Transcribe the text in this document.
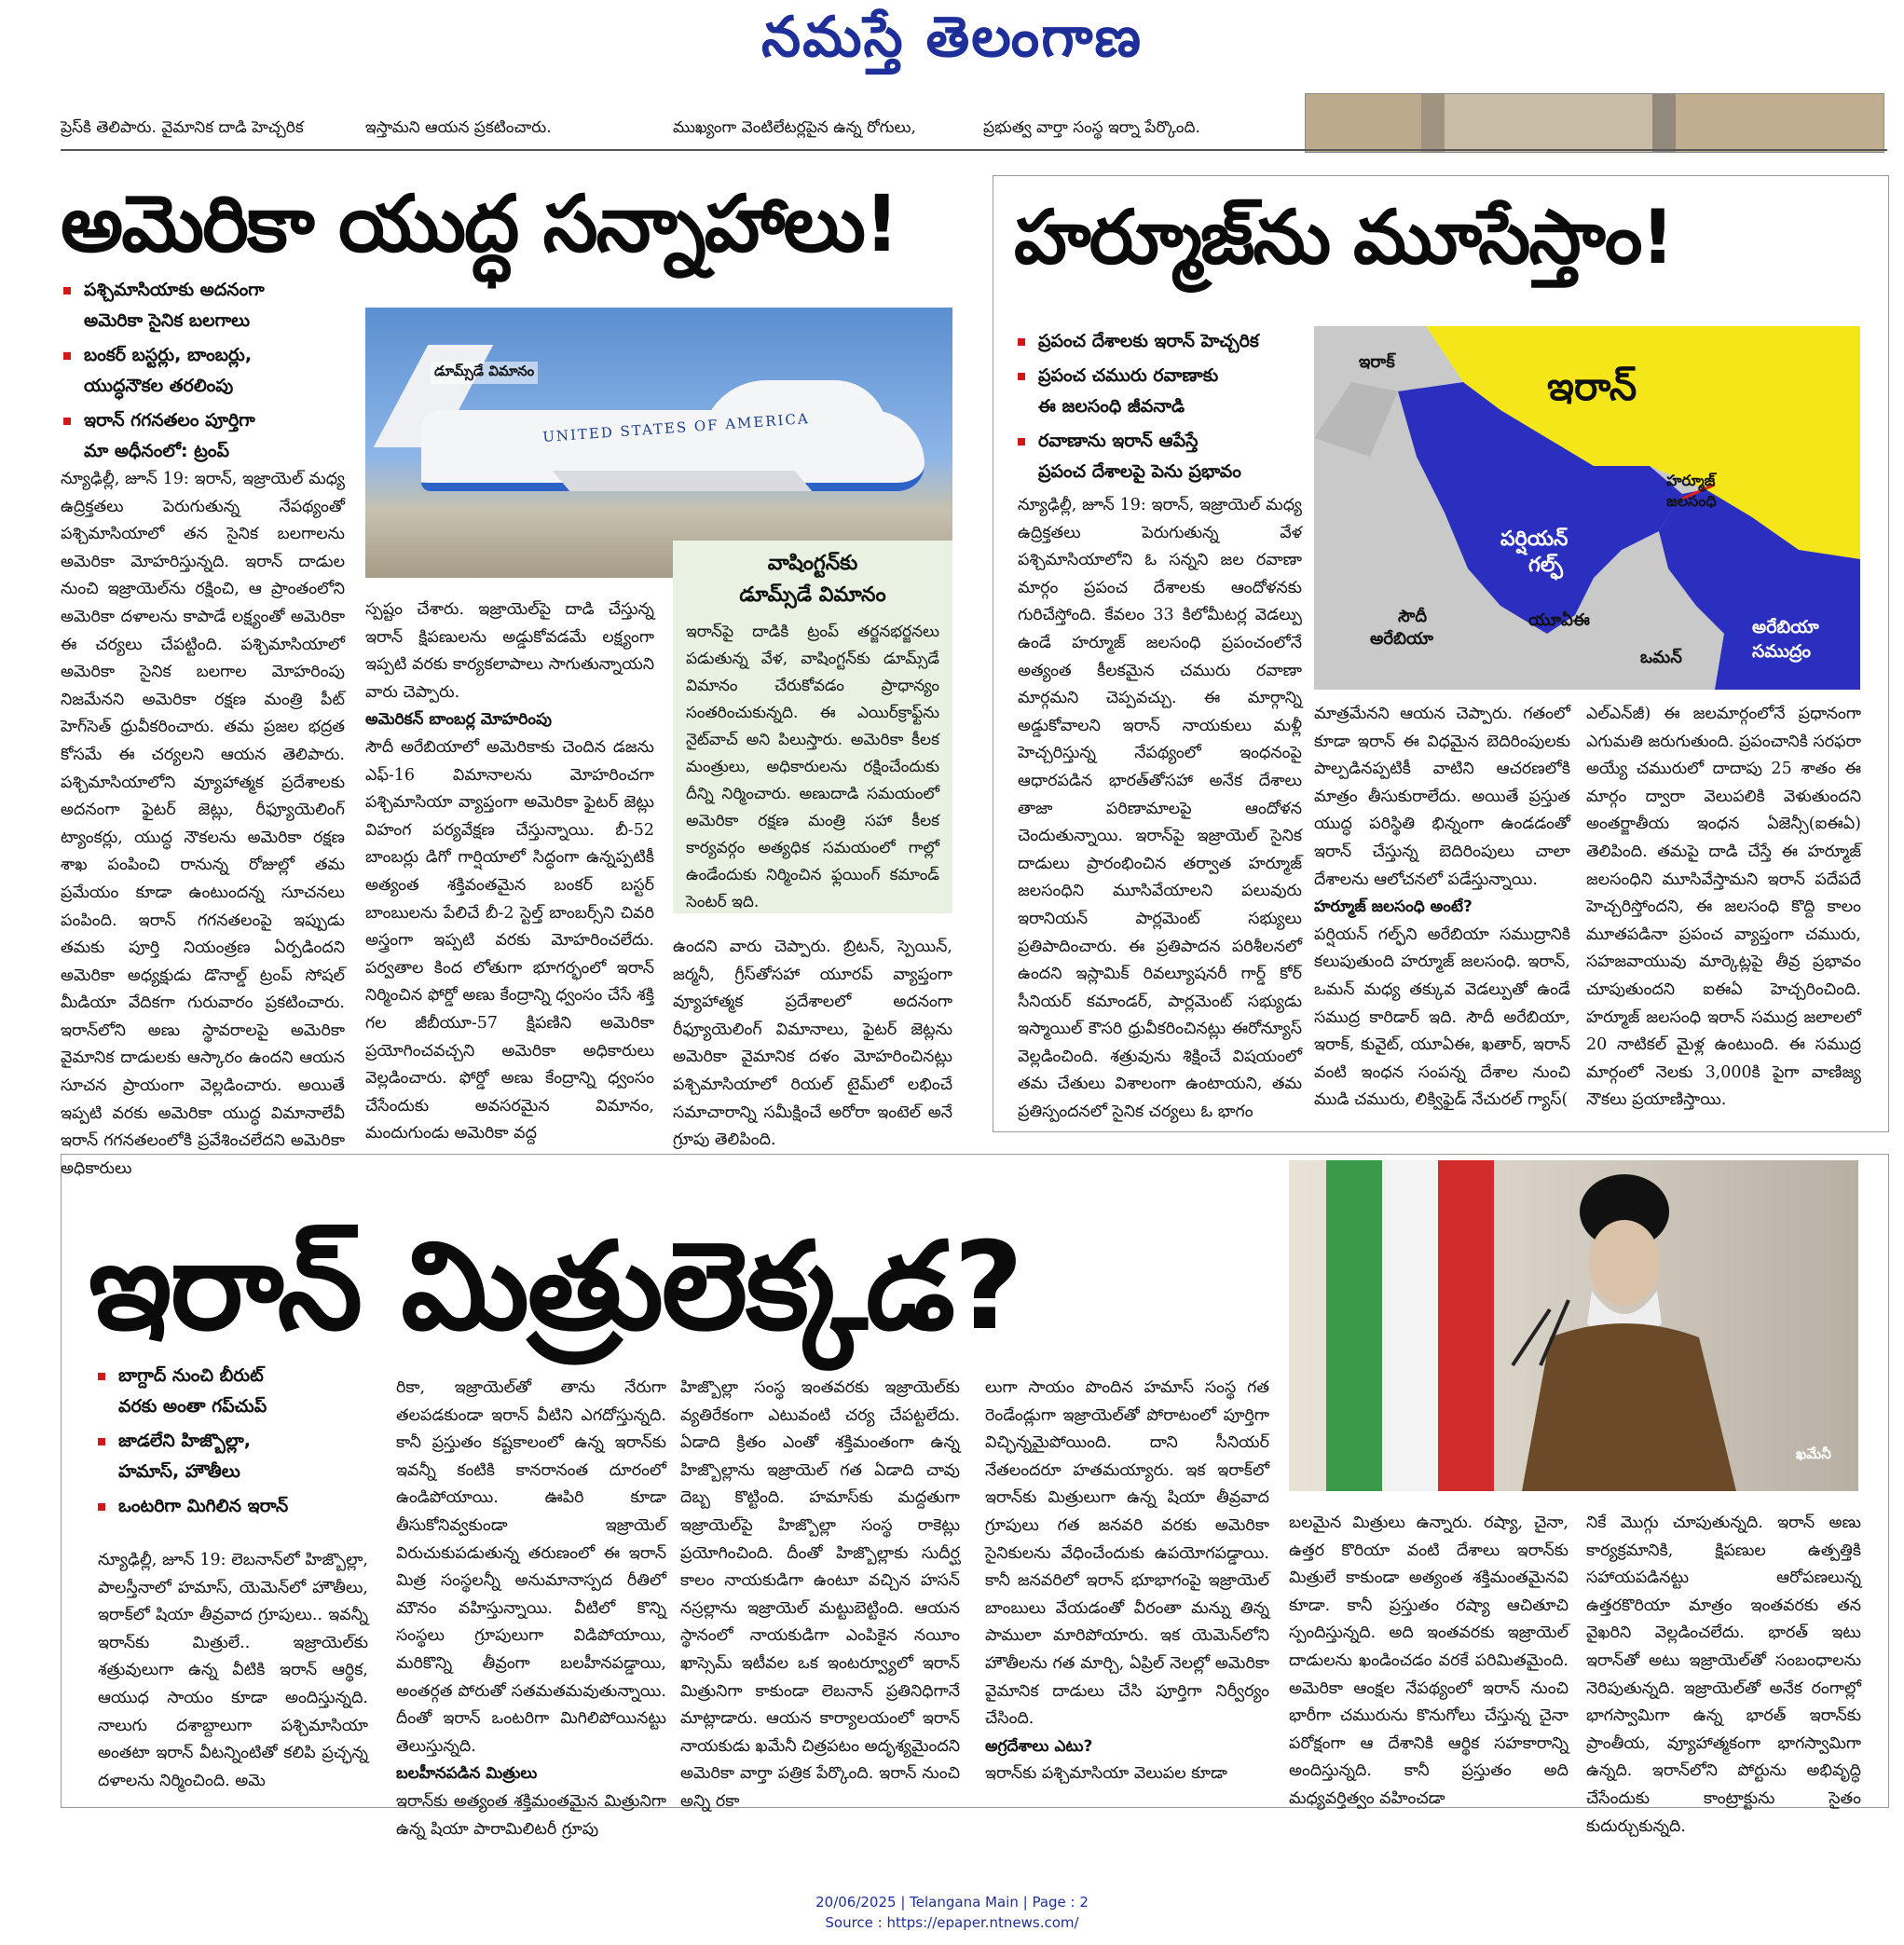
నమస్తే తెలంగాణ

ప్రెస్‌కి తెలిపారు. వైమానిక దాడి హెచ్చరిక
	ఇస్తామని ఆయన ప్రకటించారు.
	ముఖ్యంగా వెంటిలేటర్లపైన ఉన్న రోగులు,
	ప్రభుత్వ వార్తా సంస్థ ఇర్నా పేర్కొంది.
అమెరికా యుద్ధ సన్నాహాలు!
పశ్చిమాసియాకు అదనంగా
అమెరికా సైనిక బలగాలు
బంకర్ బస్టర్లు, బాంబర్లు,
యుద్ధనౌకల తరలింపు
ఇరాన్ గగనతలం పూర్తిగా
మా అధీనంలో: ట్రంప్

న్యూఢిల్లీ, జూన్ 19: ఇరాన్, ఇజ్రాయెల్ మధ్య ఉద్రిక్తతలు పెరుగుతున్న నేపథ్యంతో పశ్చిమాసియాలో తన సైనిక బలగాలను అమెరికా మోహరిస్తున్నది. ఇరాన్ దాడుల నుంచి ఇజ్రాయెల్‌ను రక్షించి, ఆ ప్రాంతంలోని అమెరికా దళాలను కాపాడే లక్ష్యంతో అమెరికా ఈ చర్యలు చేపట్టింది. పశ్చిమాసియాలో అమెరికా సైనిక బలగాల మోహరింపు నిజమేనని అమెరికా రక్షణ మంత్రి పీట్ హెగ్‌సెత్ ధ్రువీకరించారు. తమ ప్రజల భద్రత కోసమే ఈ చర్యలని ఆయన తెలిపారు. పశ్చిమాసియాలోని వ్యూహాత్మక ప్రదేశాలకు అదనంగా ఫైటర్ జెట్లు, రీఫ్యూయెలింగ్ ట్యాంకర్లు, యుద్ధ నౌకలను అమెరికా రక్షణ శాఖ పంపించి రానున్న రోజుల్లో తమ ప్రమేయం కూడా ఉంటుందన్న సూచనలు పంపింది. ఇరాన్ గగనతలంపై ఇప్పుడు తమకు పూర్తి నియంత్రణ ఏర్పడిందని అమెరికా అధ్యక్షుడు డొనాల్డ్ ట్రంప్ సోషల్ మీడియా వేదికగా గురువారం ప్రకటించారు. ఇరాన్‌లోని అణు స్థావరాలపై అమెరికా వైమానిక దాడులకు ఆస్కారం ఉందని ఆయన సూచన ప్రాయంగా వెల్లడించారు. అయితే ఇప్పటి వరకు అమెరికా యుద్ధ విమానాలేవీ ఇరాన్ గగనతలంలోకి ప్రవేశించలేదని అమెరికా అధికారులు

UNITED STATES OF AMERICA
డూమ్స్‌డే విమానం

స్పష్టం చేశారు. ఇజ్రాయెల్‌పై దాడి చేస్తున్న ఇరాన్ క్షిపణులను అడ్డుకోవడమే లక్ష్యంగా ఇప్పటి వరకు కార్యకలాపాలు సాగుతున్నాయని వారు చెప్పారు.

అమెరికన్ బాంబర్ల మోహరింపు

సౌదీ అరేబియాలో అమెరికాకు చెందిన డజను ఎఫ్-16 విమానాలను మోహరించగా పశ్చిమాసియా వ్యాప్తంగా అమెరికా ఫైటర్ జెట్లు విహంగ పర్యవేక్షణ చేస్తున్నాయి. బీ-52 బాంబర్లు డిగో గార్షియాలో సిద్ధంగా ఉన్నప్పటికీ అత్యంత శక్తివంతమైన బంకర్ బస్టర్ బాంబులను పేలిచే బీ-2 స్టెల్త్ బాంబర్స్‌ని చివరి అస్త్రంగా ఇప్పటి వరకు మోహరించలేదు. పర్వతాల కింద లోతుగా భూగర్భంలో ఇరాన్ నిర్మించిన ఫోర్డో అణు కేంద్రాన్ని ధ్వంసం చేసే శక్తి గల జీబీయూ-57 క్షిపణిని అమెరికా ప్రయోగించవచ్చని అమెరికా అధికారులు వెల్లడించారు. ఫోర్డో అణు కేంద్రాన్ని ధ్వంసం చేసేందుకు అవసరమైన విమానం, మందుగుండు అమెరికా వద్ద

వాషింగ్టన్‌కు
డూమ్స్‌డే విమానం
ఇరాన్‌పై దాడికి ట్రంప్ తర్జనభర్జనలు పడుతున్న వేళ, వాషింగ్టన్‌కు డూమ్స్‌డే విమానం చేరుకోవడం ప్రాధాన్యం సంతరించుకున్నది. ఈ ఎయిర్‌క్రాఫ్ట్‌ను నైట్‌వాచ్ అని పిలుస్తారు. అమెరికా కీలక మంత్రులు, అధికారులను రక్షించేందుకు దీన్ని నిర్మించారు. అణుదాడి సమయంలో అమెరికా రక్షణ మంత్రి సహా కీలక కార్యవర్గం అత్యధిక సమయంలో గాల్లో ఉండేందుకు నిర్మించిన ఫ్లయింగ్ కమాండ్ సెంటర్ ఇది.

ఉందని వారు చెప్పారు. బ్రిటన్, స్పెయిన్, జర్మనీ, గ్రీస్‌తోసహా యూరప్ వ్యాప్తంగా వ్యూహాత్మక ప్రదేశాలలో అదనంగా రీఫ్యూయెలింగ్ విమానాలు, ఫైటర్ జెట్లను అమెరికా వైమానిక దళం మోహరించినట్లు పశ్చిమాసియాలో రియల్ టైమ్‌లో లభించే సమాచారాన్ని సమీక్షించే అరోరా ఇంటెల్ అనే గ్రూపు తెలిపింది.

హర్మూజ్‌ను మూసేస్తాం!
ప్రపంచ దేశాలకు ఇరాన్ హెచ్చరిక
ప్రపంచ చమురు రవాణాకు
ఈ జలసంధి జీవనాడి
రవాణాను ఇరాన్ ఆపేస్తే
ప్రపంచ దేశాలపై పెను ప్రభావం
ఇరాక్
ఇరాన్
హర్మూజ్
జలసంధి
పర్షియన్
గల్ఫ్
సౌదీ
అరేబియా
యూఏఈ
ఒమన్
అరేబియా
సముద్రం

న్యూఢిల్లీ, జూన్ 19: ఇరాన్, ఇజ్రాయెల్ మధ్య ఉద్రిక్తతలు పెరుగుతున్న వేళ పశ్చిమాసియాలోని ఓ సన్నని జల రవాణా మార్గం ప్రపంచ దేశాలకు ఆందోళనకు గురిచేస్తోంది. కేవలం 33 కిలోమీటర్ల వెడల్పు ఉండే హర్మూజ్ జలసంధి ప్రపంచంలోనే అత్యంత కీలకమైన చమురు రవాణా మార్గమని చెప్పవచ్చు. ఈ మార్గాన్ని అడ్డుకోవాలని ఇరాన్ నాయకులు మళ్లీ హెచ్చరిస్తున్న నేపథ్యంలో ఇంధనంపై ఆధారపడిన భారత్‌తోసహా అనేక దేశాలు తాజా పరిణామాలపై ఆందోళన చెందుతున్నాయి. ఇరాన్‌పై ఇజ్రాయెల్ సైనిక దాడులు ప్రారంభించిన తర్వాత హర్మూజ్ జలసంధిని మూసివేయాలని పలువురు ఇరానియన్ పార్లమెంట్ సభ్యులు ప్రతిపాదించారు. ఈ ప్రతిపాదన పరిశీలనలో ఉందని ఇస్లామిక్ రివల్యూషనరీ గార్డ్ కోర్ సీనియర్ కమాండర్, పార్లమెంట్ సభ్యుడు ఇస్మాయిల్ కౌసరి ధ్రువీకరించినట్లు ఈరోన్యూస్ వెల్లడించింది. శత్రువును శిక్షించే విషయంలో తమ చేతులు విశాలంగా ఉంటాయని, తమ ప్రతిస్పందనలో సైనిక చర్యలు ఓ భాగం

మాత్రమేనని ఆయన చెప్పారు. గతంలో కూడా ఇరాన్ ఈ విధమైన బెదిరింపులకు పాల్పడినప్పటికీ వాటిని ఆచరణలోకి మాత్రం తీసుకురాలేదు. అయితే ప్రస్తుత యుద్ధ పరిస్థితి భిన్నంగా ఉండడంతో ఇరాన్ చేస్తున్న బెదిరింపులు చాలా దేశాలను ఆలోచనలో పడేస్తున్నాయి.

హర్మూజ్ జలసంధి అంటే?

పర్షియన్ గల్ఫ్‌ని అరేబియా సముద్రానికి కలుపుతుంది హర్మూజ్ జలసంధి. ఇరాన్, ఒమన్ మధ్య తక్కువ వెడల్పుతో ఉండే సముద్ర కారిడార్ ఇది. సౌదీ అరేబియా, ఇరాక్, కువైట్, యూఏఈ, ఖతార్, ఇరాన్ వంటి ఇంధన సంపన్న దేశాల నుంచి ముడి చమురు, లిక్విఫైడ్ నేచురల్ గ్యాస్(

ఎల్‌ఎన్‌జీ) ఈ జలమార్గంలోనే ప్రధానంగా ఎగుమతి జరుగుతుంది. ప్రపంచానికి సరఫరా అయ్యే చమురులో దాదాపు 25 శాతం ఈ మార్గం ద్వారా వెలుపలికి వెళుతుందని అంతర్జాతీయ ఇంధన ఏజెన్సీ(ఐఈఏ) తెలిపింది. తమపై దాడి చేస్తే ఈ హర్మూజ్ జలసంధిని మూసివేస్తామని ఇరాన్ పదేపదే హెచ్చరిస్తోందని, ఈ జలసంధి కొద్ది కాలం మూతపడినా ప్రపంచ వ్యాప్తంగా చమురు, సహజవాయువు మార్కెట్లపై తీవ్ర ప్రభావం చూపుతుందని ఐఈఏ హెచ్చరించింది. హర్మూజ్ జలసంధి ఇరాన్ సముద్ర జలాలలో 20 నాటికల్ మైళ్ల ఉంటుంది. ఈ సముద్ర మార్గంలో నెలకు 3,000కి పైగా వాణిజ్య నౌకలు ప్రయాణిస్తాయి.

ఇరాన్ మిత్రులెక్కడ?
ఖమేనీ
బాగ్దాద్ నుంచి బీరుట్
వరకు అంతా గప్‌చుప్
జాడలేని హిజ్బొల్లా,
హమాస్, హౌతీలు
ఒంటరిగా మిగిలిన ఇరాన్

న్యూఢిల్లీ, జూన్ 19: లెబనాన్‌లో హిజ్బొల్లా, పాలస్తీనాలో హమాస్, యెమెన్‌లో హౌతీలు, ఇరాక్‌లో షియా తీవ్రవాద గ్రూపులు.. ఇవన్నీ ఇరాన్‌కు మిత్రులే.. ఇజ్రాయెల్‌కు శత్రువులుగా ఉన్న వీటికి ఇరాన్ ఆర్థిక, ఆయుధ సాయం కూడా అందిస్తున్నది. నాలుగు దశాబ్దాలుగా పశ్చిమాసియా అంతటా ఇరాన్ వీటన్నింటితో కలిపి ప్రచ్ఛన్న దళాలను నిర్మించింది. అమె

రికా, ఇజ్రాయెల్‌తో తాను నేరుగా తలపడకుండా ఇరాన్ వీటిని ఎగదోస్తున్నది. కానీ ప్రస్తుతం కష్టకాలంలో ఉన్న ఇరాన్‌కు ఇవన్నీ కంటికి కానరానంత దూరంలో ఉండిపోయాయి. ఊపిరి కూడా తీసుకోనివ్వకుండా ఇజ్రాయెల్ విరుచుకుపడుతున్న తరుణంలో ఈ ఇరాన్ మిత్ర సంస్థలన్నీ అనుమానాస్పద రీతిలో మౌనం వహిస్తున్నాయి. వీటిలో కొన్ని సంస్థలు గ్రూపులుగా విడిపోయాయి, మరికొన్ని తీవ్రంగా బలహీనపడ్డాయి, అంతర్గత పోరుతో సతమతమవుతున్నాయి. దీంతో ఇరాన్ ఒంటరిగా మిగిలిపోయినట్టు తెలుస్తున్నది.

బలహీనపడిన మిత్రులు

ఇరాన్‌కు అత్యంత శక్తిమంతమైన మిత్రునిగా ఉన్న షియా పారామిలిటరీ గ్రూపు

హిజ్బొల్లా సంస్థ ఇంతవరకు ఇజ్రాయెల్‌కు వ్యతిరేకంగా ఎటువంటి చర్య చేపట్టలేదు. ఏడాది క్రితం ఎంతో శక్తిమంతంగా ఉన్న హిజ్బొల్లాను ఇజ్రాయెల్ గత ఏడాది చావు దెబ్బ కొట్టింది. హమాస్‌కు మద్దతుగా ఇజ్రాయెల్‌పై హిజ్బొల్లా సంస్థ రాకెట్లు ప్రయోగించింది. దీంతో హిజ్బొల్లాకు సుదీర్ఘ కాలం నాయకుడిగా ఉంటూ వచ్చిన హసన్ నస్రల్లాను ఇజ్రాయెల్ మట్టుబెట్టింది. ఆయన స్థానంలో నాయకుడిగా ఎంపికైన నయీం ఖాస్సెమ్ ఇటీవల ఒక ఇంటర్వ్యూలో ఇరాన్ మిత్రునిగా కాకుండా లెబనాన్ ప్రతినిధిగానే మాట్లాడారు. ఆయన కార్యాలయంలో ఇరాన్ నాయకుడు ఖమేనీ చిత్రపటం అదృశ్యమైందని అమెరికా వార్తా పత్రిక పేర్కొంది. ఇరాన్ నుంచి అన్ని రకా

లుగా సాయం పొందిన హమాస్ సంస్థ గత రెండేండ్లుగా ఇజ్రాయెల్‌తో పోరాటంలో పూర్తిగా విచ్ఛిన్నమైపోయింది. దాని సీనియర్ నేతలందరూ హతమయ్యారు. ఇక ఇరాక్‌లో ఇరాన్‌కు మిత్రులుగా ఉన్న షియా తీవ్రవాద గ్రూపులు గత జనవరి వరకు అమెరికా సైనికులను వేధించేందుకు ఉపయోగపడ్డాయి. కానీ జనవరిలో ఇరాన్ భూభాగంపై ఇజ్రాయెల్ బాంబులు వేయడంతో వీరంతా మన్ను తిన్న పాములా మారిపోయారు. ఇక యెమెన్‌లోని హౌతీలను గత మార్చి, ఏప్రిల్ నెలల్లో అమెరికా వైమానిక దాడులు చేసి పూర్తిగా నిర్వీర్యం చేసింది.

అగ్రదేశాలు ఎటు?

ఇరాన్‌కు పశ్చిమాసియా వెలుపల కూడా

బలమైన మిత్రులు ఉన్నారు. రష్యా, చైనా, ఉత్తర కొరియా వంటి దేశాలు ఇరాన్‌కు మిత్రులే కాకుండా అత్యంత శక్తిమంతమైనవి కూడా. కానీ ప్రస్తుతం రష్యా ఆచితూచి స్పందిస్తున్నది. అది ఇంతవరకు ఇజ్రాయెల్ దాడులను ఖండించడం వరకే పరిమితమైంది. అమెరికా ఆంక్షల నేపథ్యంలో ఇరాన్ నుంచి భారీగా చమురును కొనుగోలు చేస్తున్న చైనా పరోక్షంగా ఆ దేశానికి ఆర్థిక సహకారాన్ని అందిస్తున్నది. కానీ ప్రస్తుతం అది మధ్యవర్తిత్వం వహించడా

నికే మొగ్గు చూపుతున్నది. ఇరాన్ అణు కార్యక్రమానికి, క్షిపణుల ఉత్పత్తికి సహాయపడినట్టు ఆరోపణలున్న ఉత్తరకొరియా మాత్రం ఇంతవరకు తన వైఖరిని వెల్లడించలేదు. భారత్ ఇటు ఇరాన్‌తో అటు ఇజ్రాయెల్‌తో సంబంధాలను నెరిపుతున్నది. ఇజ్రాయెల్‌తో అనేక రంగాల్లో భాగస్వామిగా ఉన్న భారత్ ఇరాన్‌కు ప్రాంతీయ, వ్యూహాత్మకంగా భాగస్వామిగా ఉన్నది. ఇరాన్‌లోని పోర్టును అభివృద్ధి చేసేందుకు కాంట్రాక్టును సైతం కుదుర్చుకున్నది.

20/06/2025 | Telangana Main | Page : 2
Source : https://epaper.ntnews.com/
